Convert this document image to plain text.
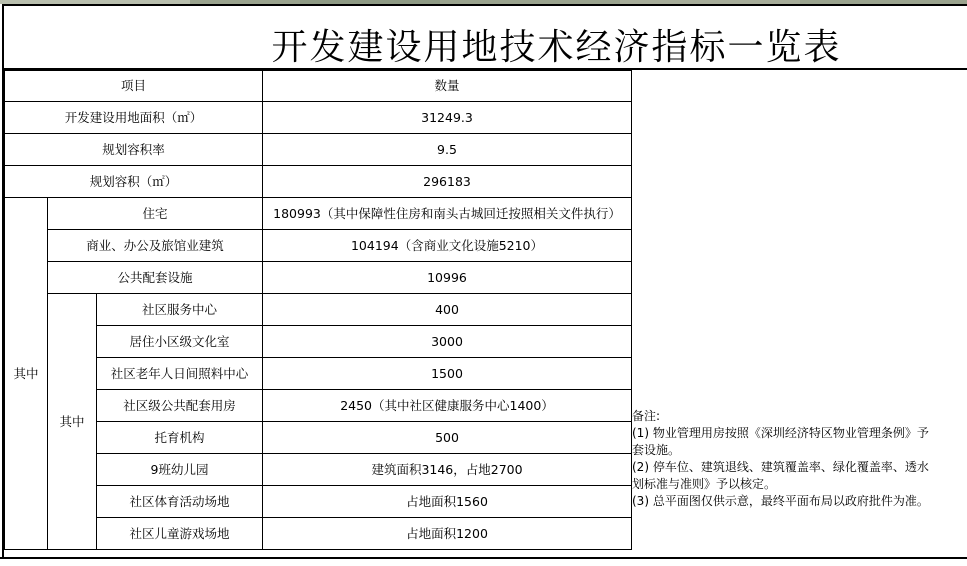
开发建设用地技术经济指标一览表
项目			数量
开发建设用地面积（㎡）			31249.3
规划容积率			9.5
规划容积（㎡）			296183
其中	住宅		180993（其中保障性住房和南头古城回迁按照相关文件执行）
	商业、办公及旅馆业建筑		104194（含商业文化设施5210）
	公共配套设施		10996
	其中	社区服务中心	400
		居住小区级文化室	3000
		社区老年人日间照料中心	1500
		社区级公共配套用房	2450（其中社区健康服务中心1400）
		托育机构	500
		9班幼儿园	建筑面积3146，占地2700
		社区体育活动场地	占地面积1560
		社区儿童游戏场地	占地面积1200
备注:
(1) 物业管理用房按照《深圳经济特区物业管理条例》予
套设施。
(2) 停车位、建筑退线、建筑覆盖率、绿化覆盖率、透水
划标准与准则》予以核定。
(3) 总平面图仅供示意，最终平面布局以政府批件为准。
